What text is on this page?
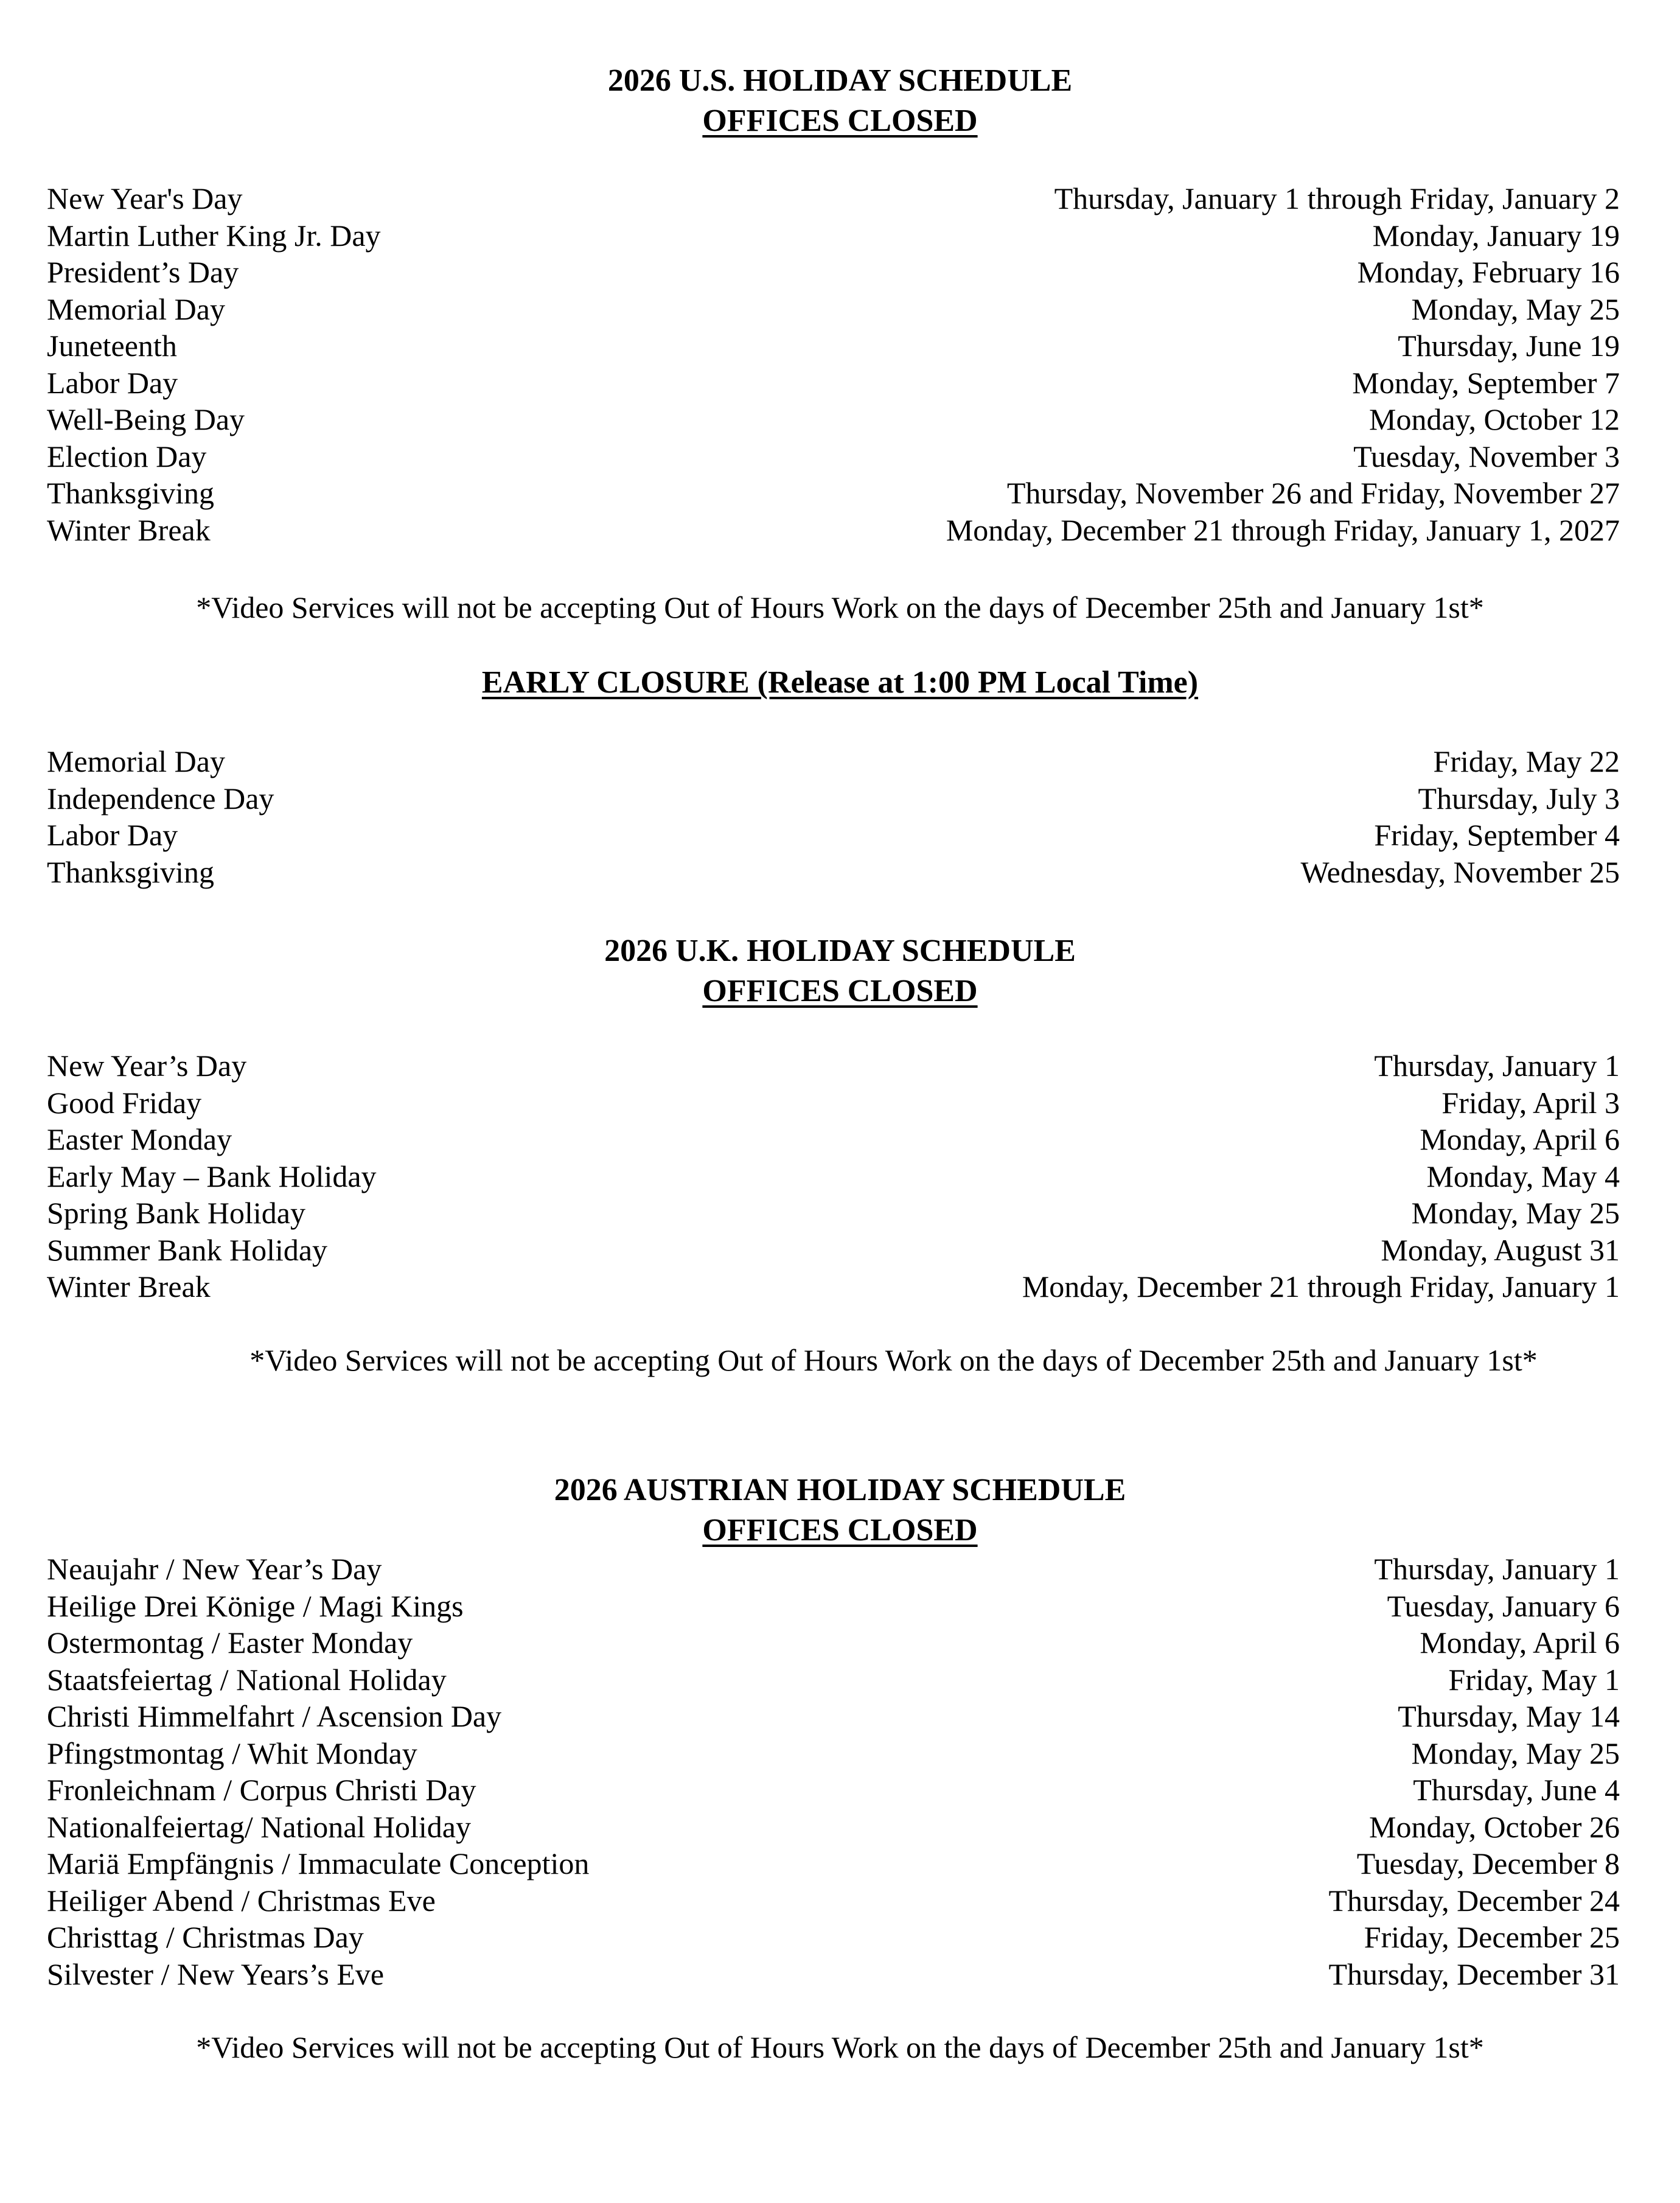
2026 U.S. HOLIDAY SCHEDULE
OFFICES CLOSED
New Year's Day	Thursday, January 1 through Friday, January 2
Martin Luther King Jr. Day	Monday, January 19
President’s Day	Monday, February 16
Memorial Day	Monday, May 25
Juneteenth	Thursday, June 19
Labor Day	Monday, September 7
Well-Being Day	Monday, October 12
Election Day	Tuesday, November 3
Thanksgiving	Thursday, November 26 and Friday, November 27
Winter Break	Monday, December 21 through Friday, January 1, 2027
*Video Services will not be accepting Out of Hours Work on the days of December 25th and January 1st*
EARLY CLOSURE (Release at 1:00 PM Local Time)
Memorial Day	Friday, May 22
Independence Day	Thursday, July 3
Labor Day	Friday, September 4
Thanksgiving	Wednesday, November 25
2026 U.K. HOLIDAY SCHEDULE
OFFICES CLOSED
New Year’s Day	Thursday, January 1
Good Friday	Friday, April 3
Easter Monday	Monday, April 6
Early May – Bank Holiday	Monday, May 4
Spring Bank Holiday	Monday, May 25
Summer Bank Holiday	Monday, August 31
Winter Break	Monday, December 21 through Friday, January 1
*Video Services will not be accepting Out of Hours Work on the days of December 25th and January 1st*
2026 AUSTRIAN HOLIDAY SCHEDULE
OFFICES CLOSED
Neaujahr / New Year’s Day	Thursday, January 1
Heilige Drei Könige / Magi Kings	Tuesday, January 6
Ostermontag / Easter Monday	Monday, April 6
Staatsfeiertag / National Holiday	Friday, May 1
Christi Himmelfahrt / Ascension Day	Thursday, May 14
Pfingstmontag / Whit Monday	Monday, May 25
Fronleichnam / Corpus Christi Day	Thursday, June 4
Nationalfeiertag/ National Holiday	Monday, October 26
Mariä Empfängnis / Immaculate Conception	Tuesday, December 8
Heiliger Abend / Christmas Eve	Thursday, December 24
Christtag / Christmas Day	Friday, December 25
Silvester / New Years’s Eve	Thursday, December 31
*Video Services will not be accepting Out of Hours Work on the days of December 25th and January 1st*
